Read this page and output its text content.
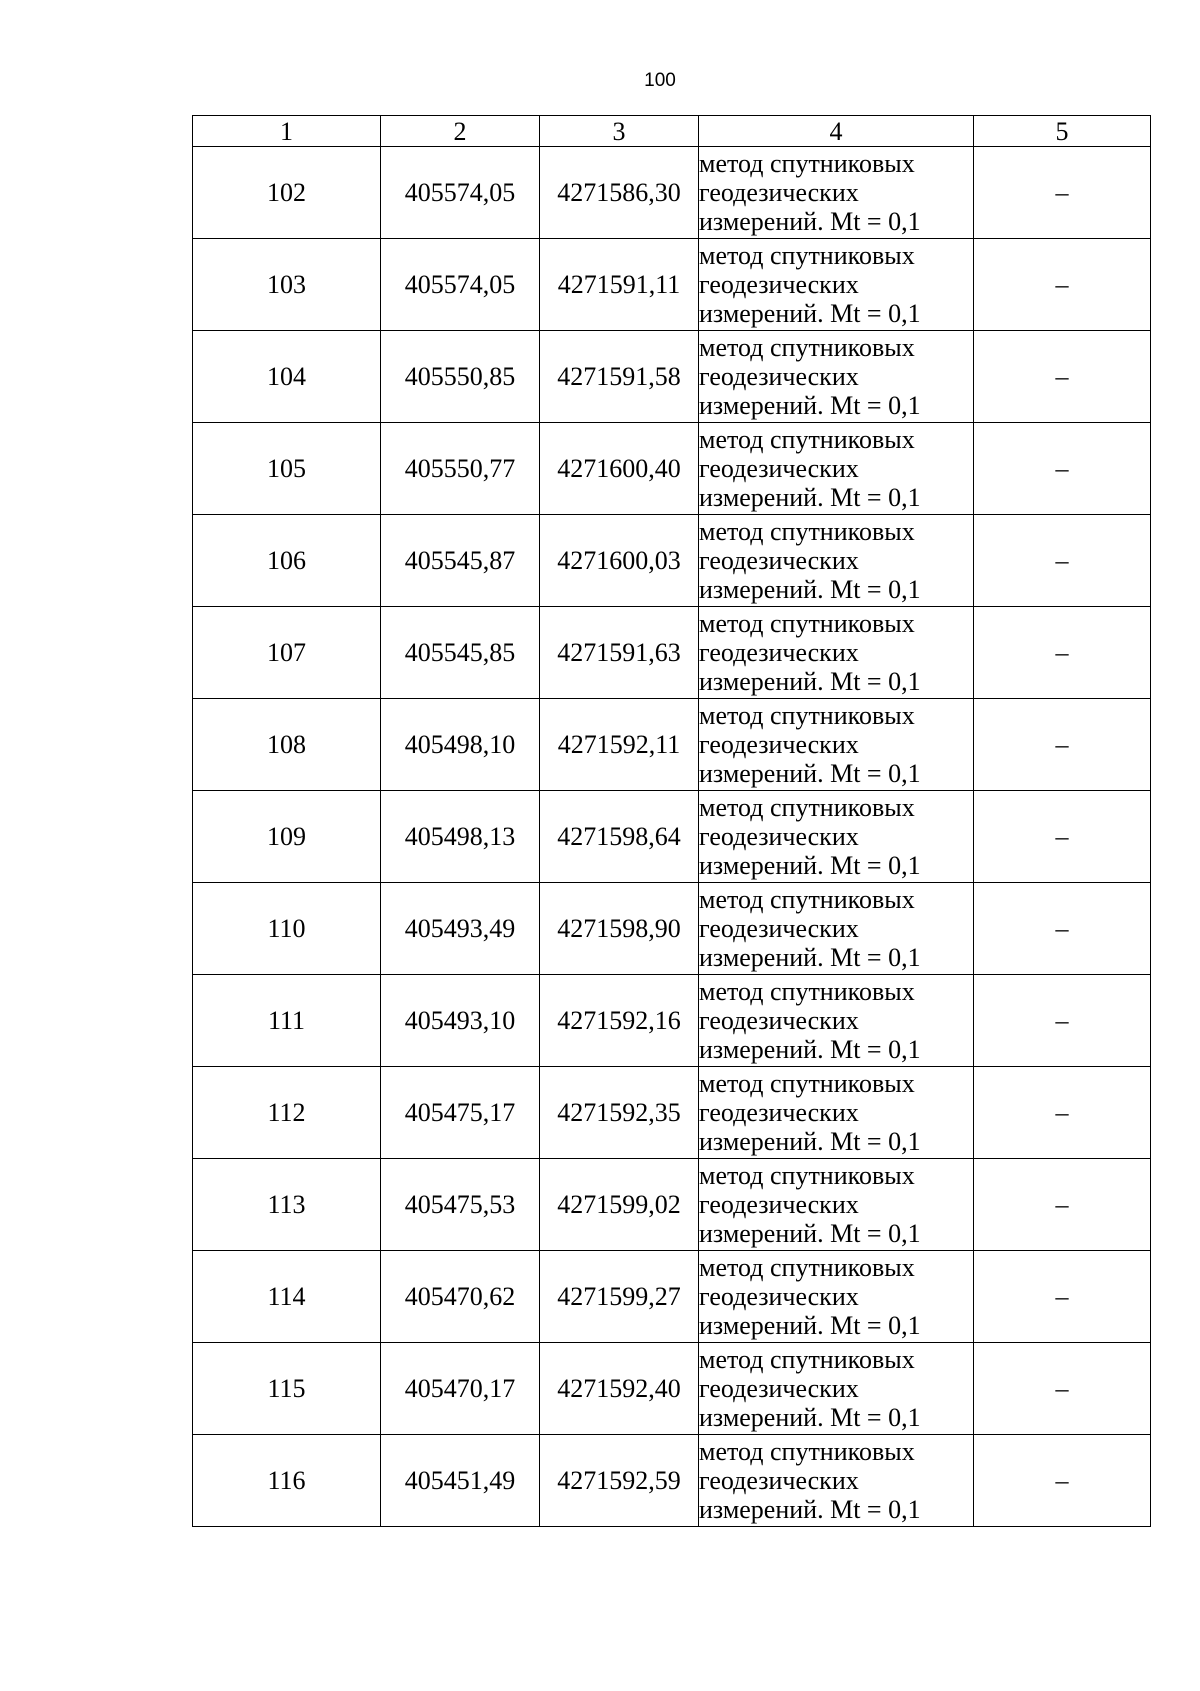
100
1	2	3	4	5
102	405574,05	4271586,30	метод спутниковых
геодезических
измерений. Mt = 0,1	–
103	405574,05	4271591,11	метод спутниковых
геодезических
измерений. Mt = 0,1	–
104	405550,85	4271591,58	метод спутниковых
геодезических
измерений. Mt = 0,1	–
105	405550,77	4271600,40	метод спутниковых
геодезических
измерений. Mt = 0,1	–
106	405545,87	4271600,03	метод спутниковых
геодезических
измерений. Mt = 0,1	–
107	405545,85	4271591,63	метод спутниковых
геодезических
измерений. Mt = 0,1	–
108	405498,10	4271592,11	метод спутниковых
геодезических
измерений. Mt = 0,1	–
109	405498,13	4271598,64	метод спутниковых
геодезических
измерений. Mt = 0,1	–
110	405493,49	4271598,90	метод спутниковых
геодезических
измерений. Mt = 0,1	–
111	405493,10	4271592,16	метод спутниковых
геодезических
измерений. Mt = 0,1	–
112	405475,17	4271592,35	метод спутниковых
геодезических
измерений. Mt = 0,1	–
113	405475,53	4271599,02	метод спутниковых
геодезических
измерений. Mt = 0,1	–
114	405470,62	4271599,27	метод спутниковых
геодезических
измерений. Mt = 0,1	–
115	405470,17	4271592,40	метод спутниковых
геодезических
измерений. Mt = 0,1	–
116	405451,49	4271592,59	метод спутниковых
геодезических
измерений. Mt = 0,1	–
